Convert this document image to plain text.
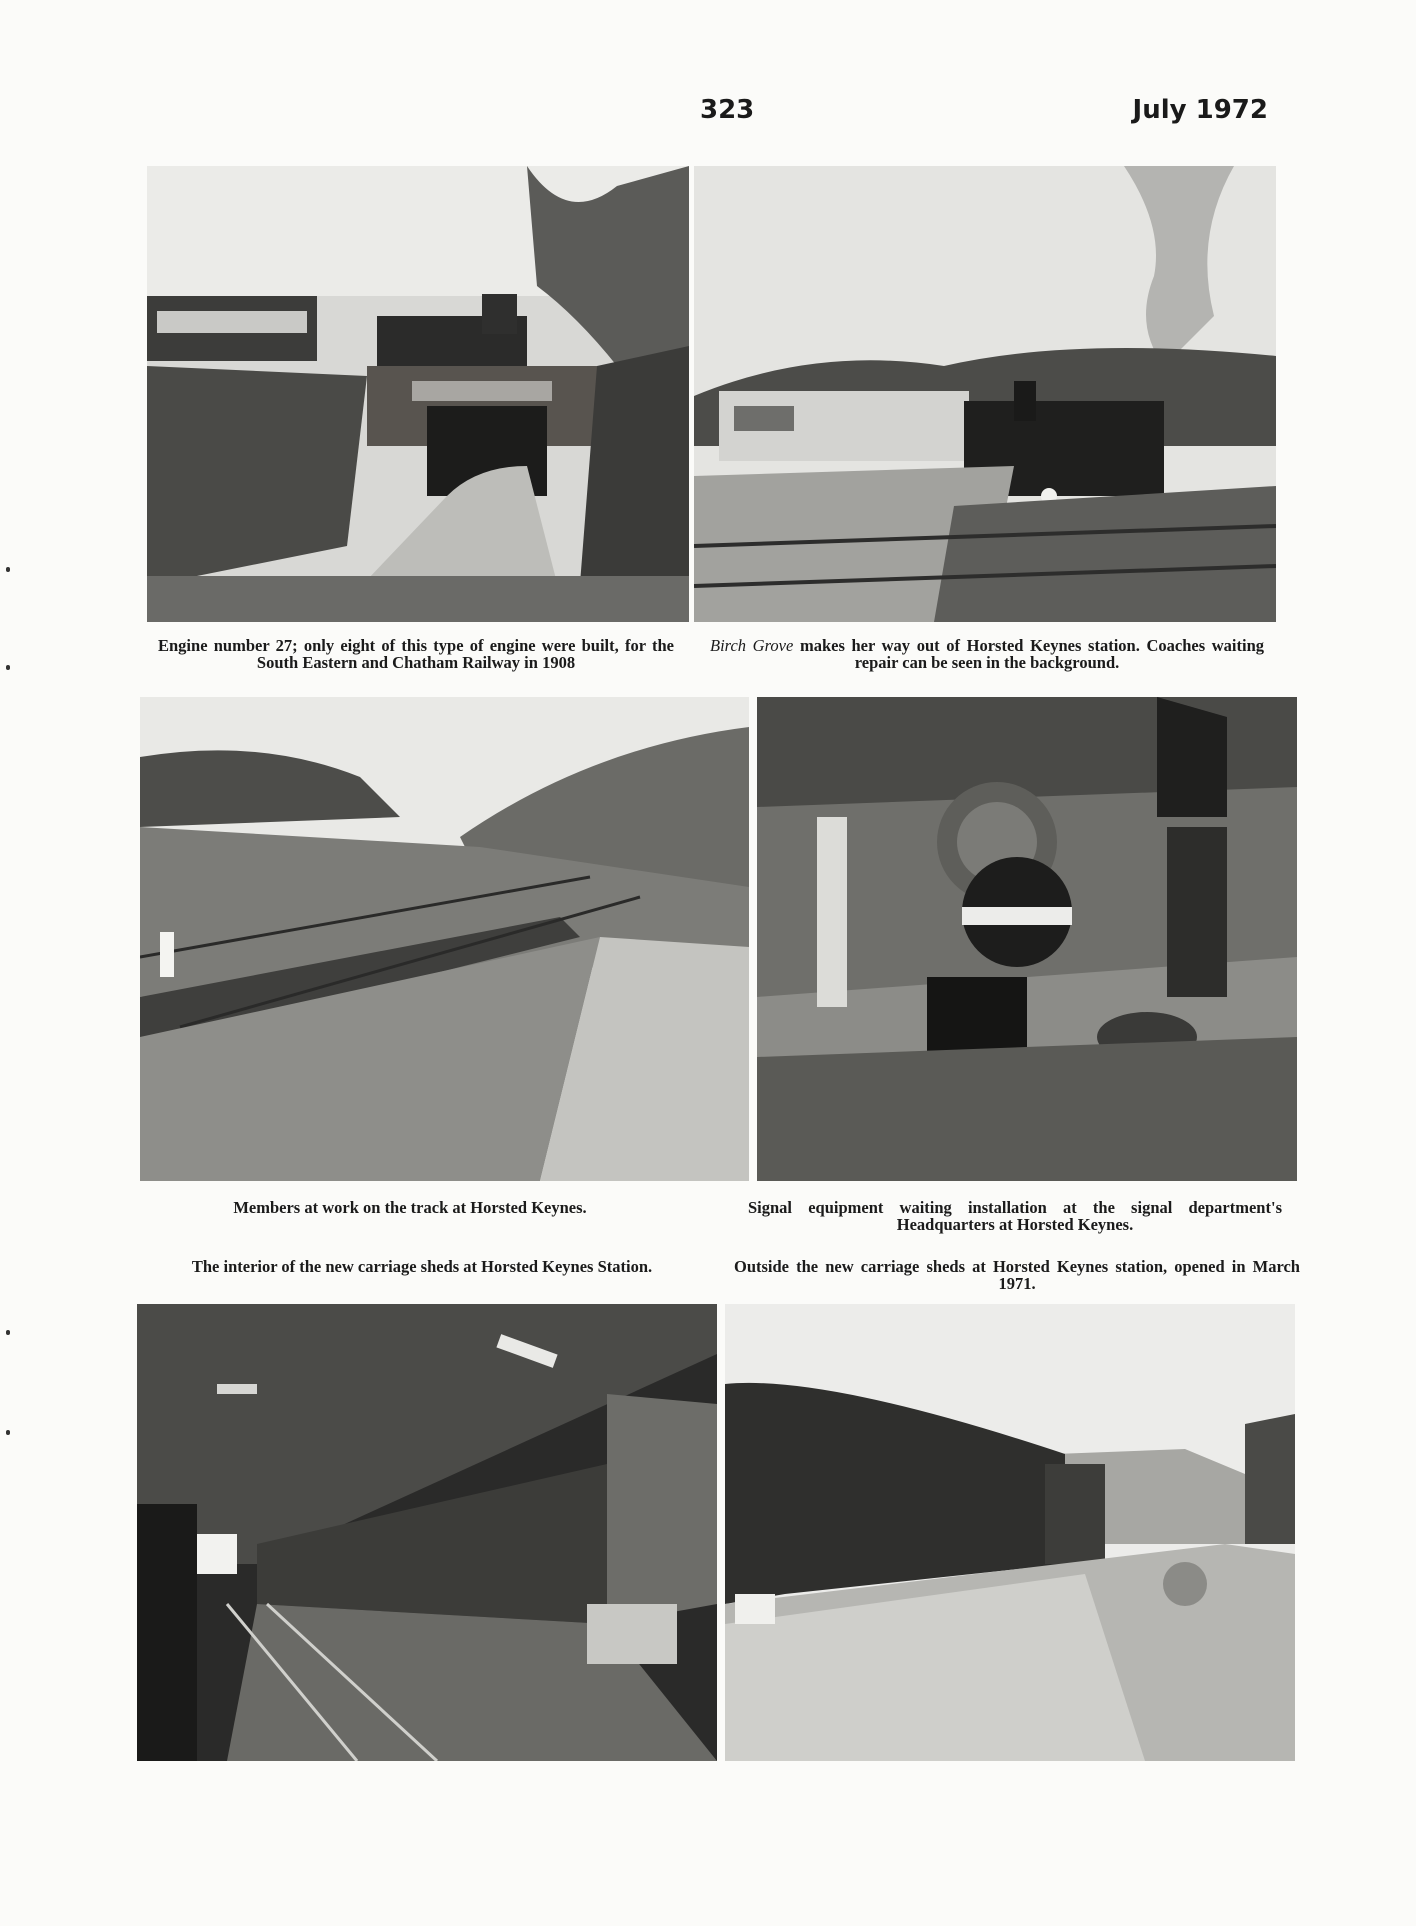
323	July 1972
Engine number 27; only eight of this type of engine were built, for the South Eastern and Chatham Railway in 1908
Birch Grove makes her way out of Horsted Keynes station. Coaches waiting repair can be seen in the background.
Members at work on the track at Horsted Keynes.	Signal equipment waiting installation at the signal department's Headquarters at Horsted Keynes.
The interior of the new carriage sheds at Horsted Keynes Station.	Outside the new carriage sheds at Horsted Keynes station, opened in March 1971.
